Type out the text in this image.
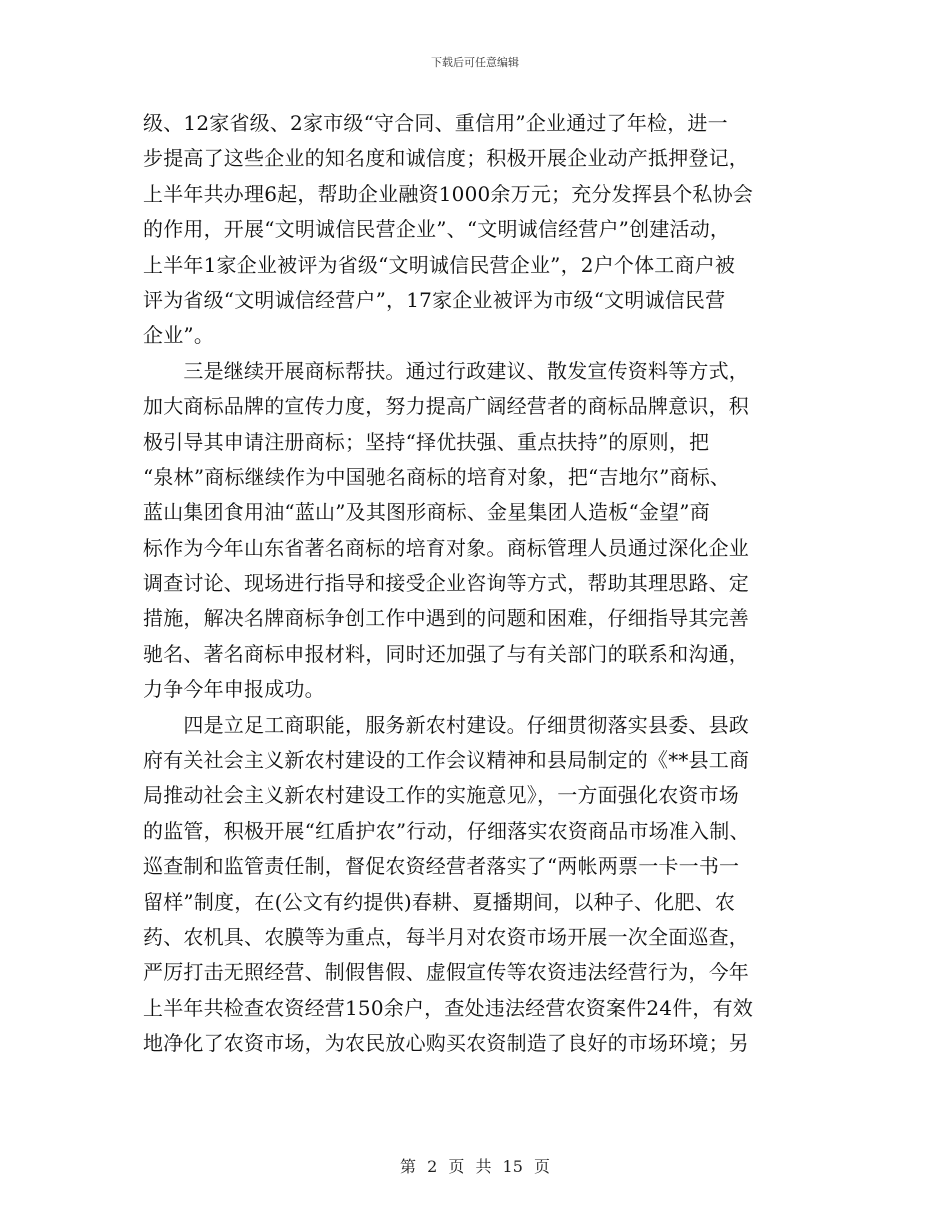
下载后可任意编辑
级、12家省级、2家市级“守合同、重信用”企业通过了年检，进一
步提高了这些企业的知名度和诚信度；积极开展企业动产抵押登记，
上半年共办理6起，帮助企业融资1000余万元；充分发挥县个私协会
的作用，开展“文明诚信民营企业”、“文明诚信经营户”创建活动，
上半年1家企业被评为省级“文明诚信民营企业”，2户个体工商户被
评为省级“文明诚信经营户”，17家企业被评为市级“文明诚信民营
企业”。
　　三是继续开展商标帮扶。通过行政建议、散发宣传资料等方式，
加大商标品牌的宣传力度，努力提高广阔经营者的商标品牌意识，积
极引导其申请注册商标；坚持“择优扶强、重点扶持”的原则，把
“泉林”商标继续作为中国驰名商标的培育对象，把“吉地尔”商标、
蓝山集团食用油“蓝山”及其图形商标、金星集团人造板“金望”商
标作为今年山东省著名商标的培育对象。商标管理人员通过深化企业
调查讨论、现场进行指导和接受企业咨询等方式，帮助其理思路、定
措施，解决名牌商标争创工作中遇到的问题和困难，仔细指导其完善
驰名、著名商标申报材料，同时还加强了与有关部门的联系和沟通，
力争今年申报成功。
　　四是立足工商职能，服务新农村建设。仔细贯彻落实县委、县政
府有关社会主义新农村建设的工作会议精神和县局制定的《**县工商
局推动社会主义新农村建设工作的实施意见》，一方面强化农资市场
的监管，积极开展“红盾护农”行动，仔细落实农资商品市场准入制、
巡查制和监管责任制，督促农资经营者落实了“两帐两票一卡一书一
留样”制度，在(公文有约提供)春耕、夏播期间，以种子、化肥、农
药、农机具、农膜等为重点，每半月对农资市场开展一次全面巡查，
严厉打击无照经营、制假售假、虚假宣传等农资违法经营行为，今年
上半年共检查农资经营150余户，查处违法经营农资案件24件，有效
地净化了农资市场，为农民放心购买农资制造了良好的市场环境；另
第 2 页 共 15 页
